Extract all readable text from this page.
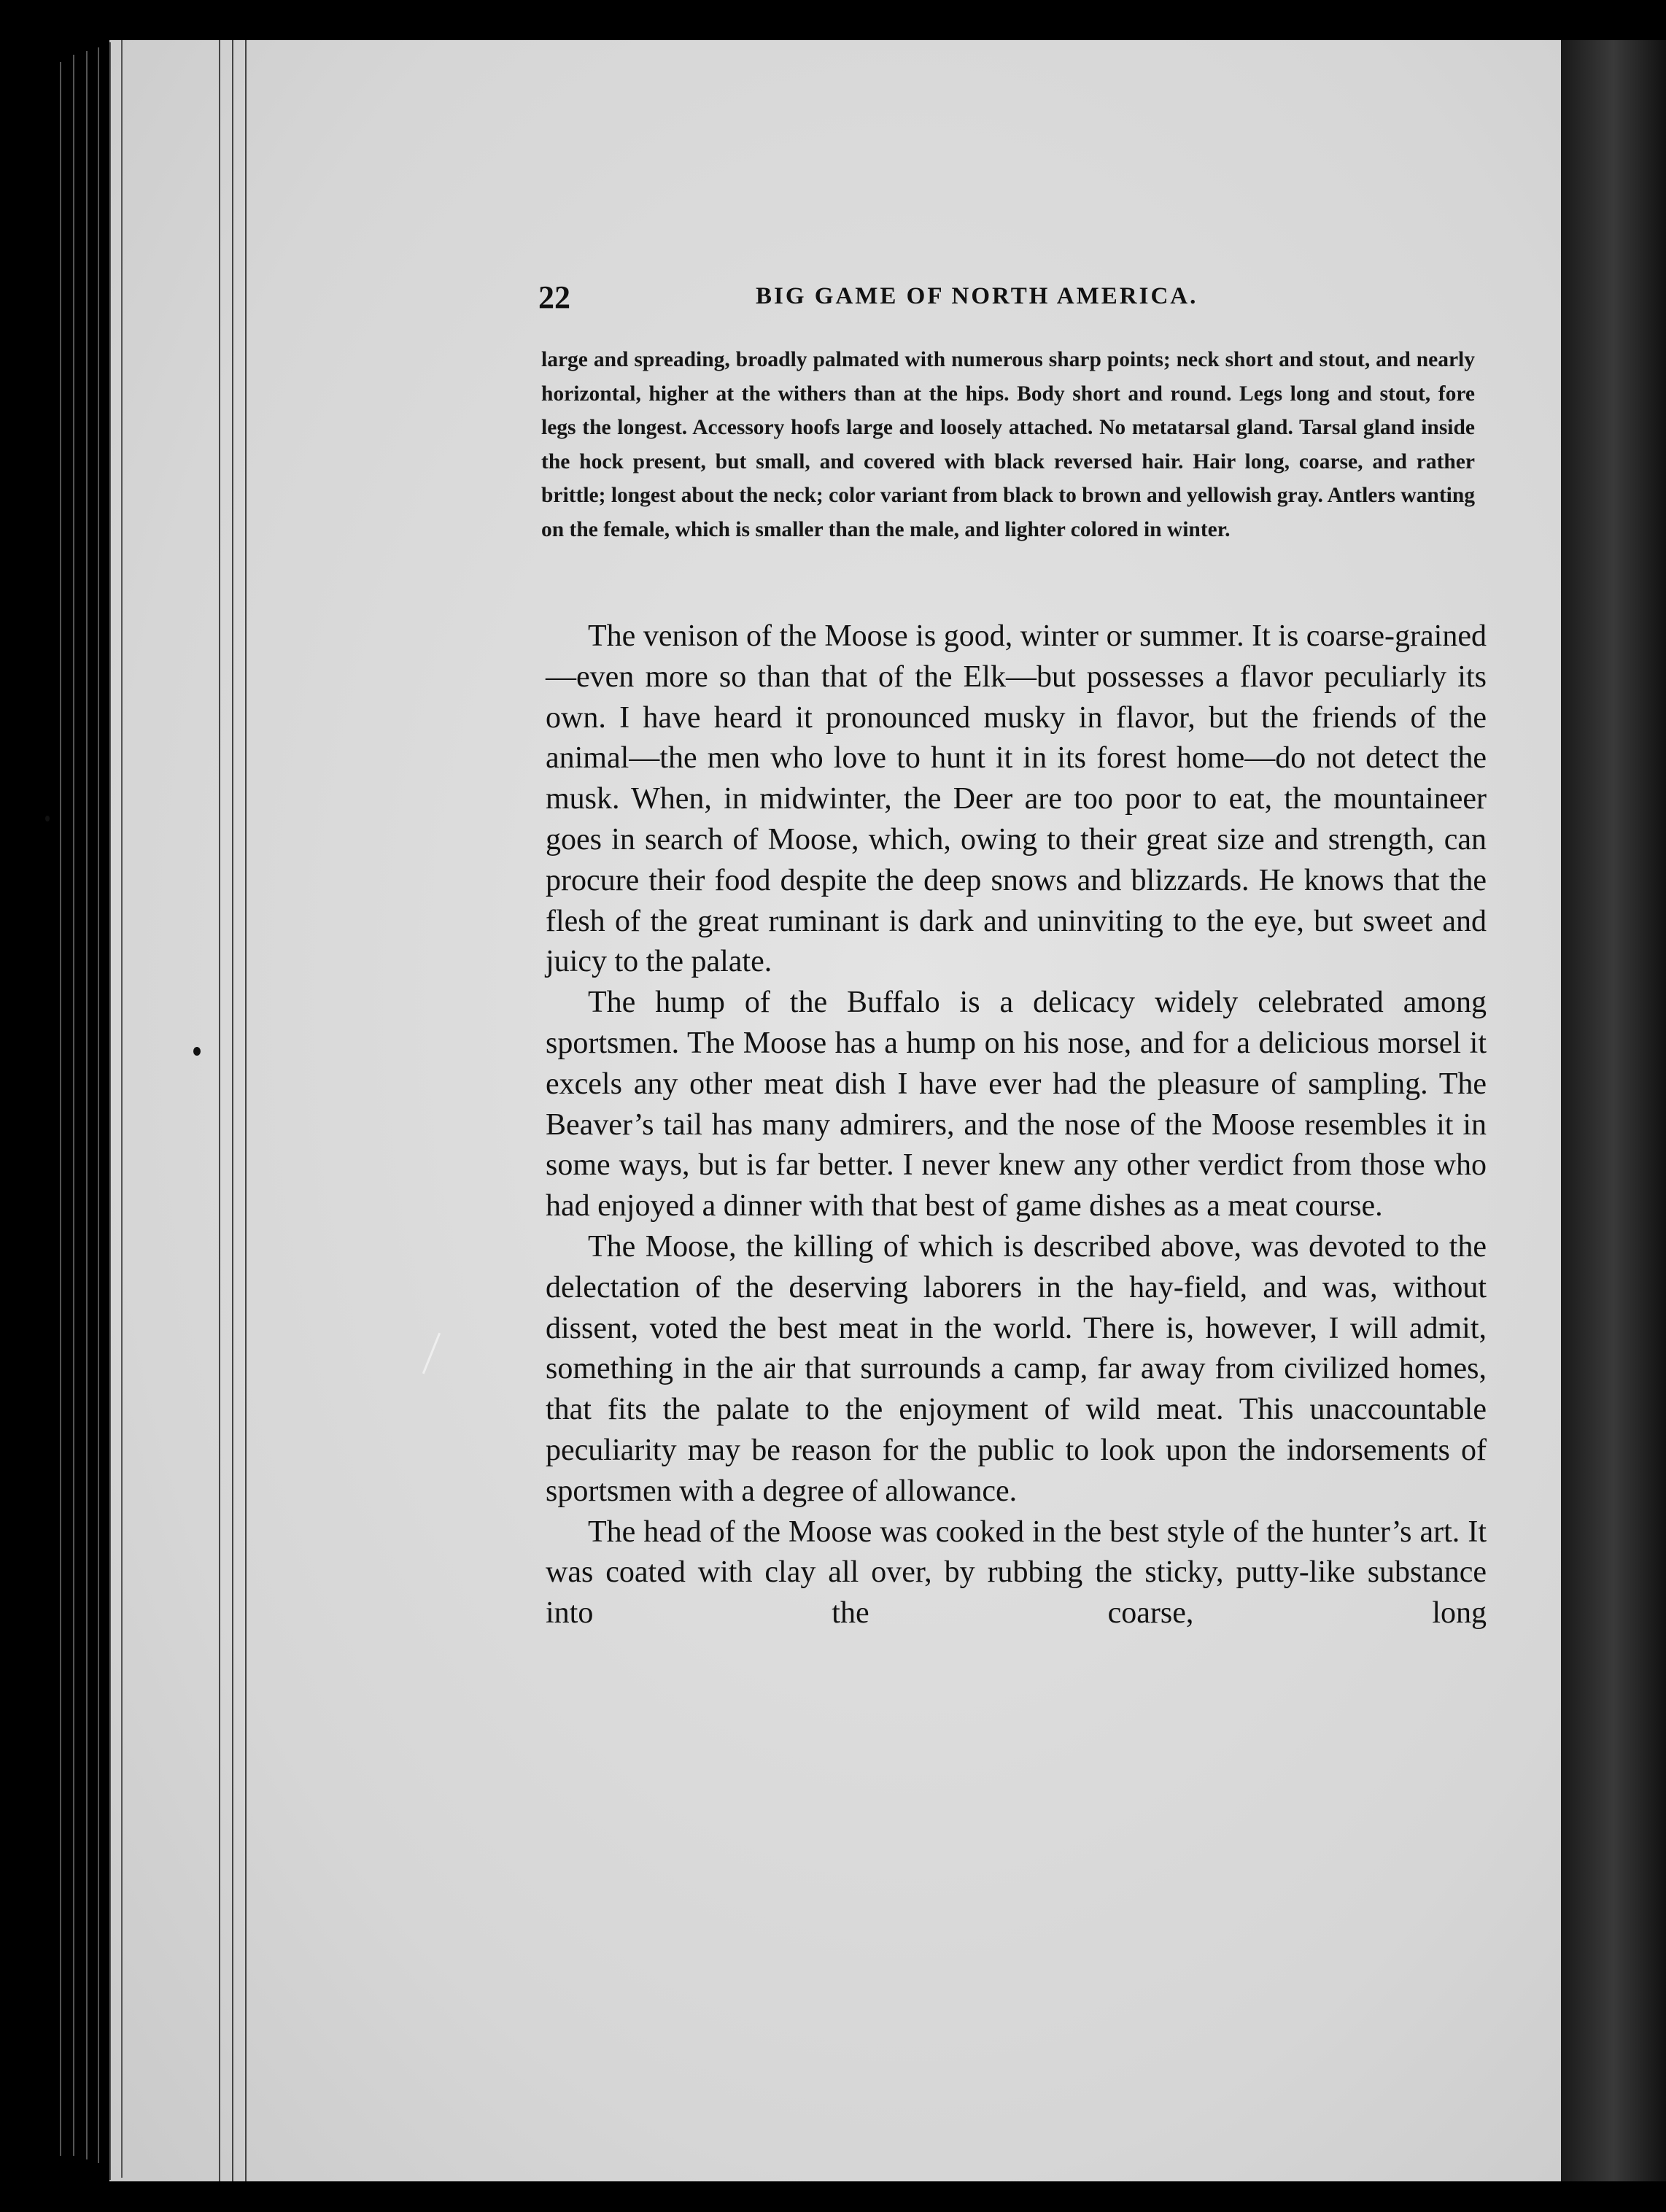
22	BIG GAME OF NORTH AMERICA.

large and spreading, broadly palmated with numerous sharp points; neck short and stout, and nearly horizontal, higher at the withers than at the hips. Body short and round. Legs long and stout, fore legs the longest. Accessory hoofs large and loosely attached. No metatarsal gland. Tarsal gland inside the hock present, but small, and covered with black reversed hair. Hair long, coarse, and rather brittle; longest about the neck; color variant from black to brown and yellowish gray. Antlers wanting on the female, which is smaller than the male, and lighter colored in winter.

The venison of the Moose is good, winter or summer. It is coarse-grained—even more so than that of the Elk—but possesses a flavor peculiarly its own. I have heard it pronounced musky in flavor, but the friends of the animal—the men who love to hunt it in its forest home—do not detect the musk. When, in midwinter, the Deer are too poor to eat, the mountaineer goes in search of Moose, which, owing to their great size and strength, can procure their food despite the deep snows and blizzards. He knows that the flesh of the great ruminant is dark and uninviting to the eye, but sweet and juicy to the palate.

The hump of the Buffalo is a delicacy widely celebrated among sportsmen. The Moose has a hump on his nose, and for a delicious morsel it excels any other meat dish I have ever had the pleasure of sampling. The Beaver’s tail has many admirers, and the nose of the Moose resembles it in some ways, but is far better. I never knew any other verdict from those who had enjoyed a dinner with that best of game dishes as a meat course.

The Moose, the killing of which is described above, was devoted to the delectation of the deserving laborers in the hay-field, and was, without dissent, voted the best meat in the world. There is, however, I will admit, something in the air that surrounds a camp, far away from civilized homes, that fits the palate to the enjoyment of wild meat. This unaccountable peculiarity may be reason for the public to look upon the indorsements of sportsmen with a degree of allowance.

The head of the Moose was cooked in the best style of the hunter’s art. It was coated with clay all over, by rubbing the sticky, putty-like substance into the coarse, long
